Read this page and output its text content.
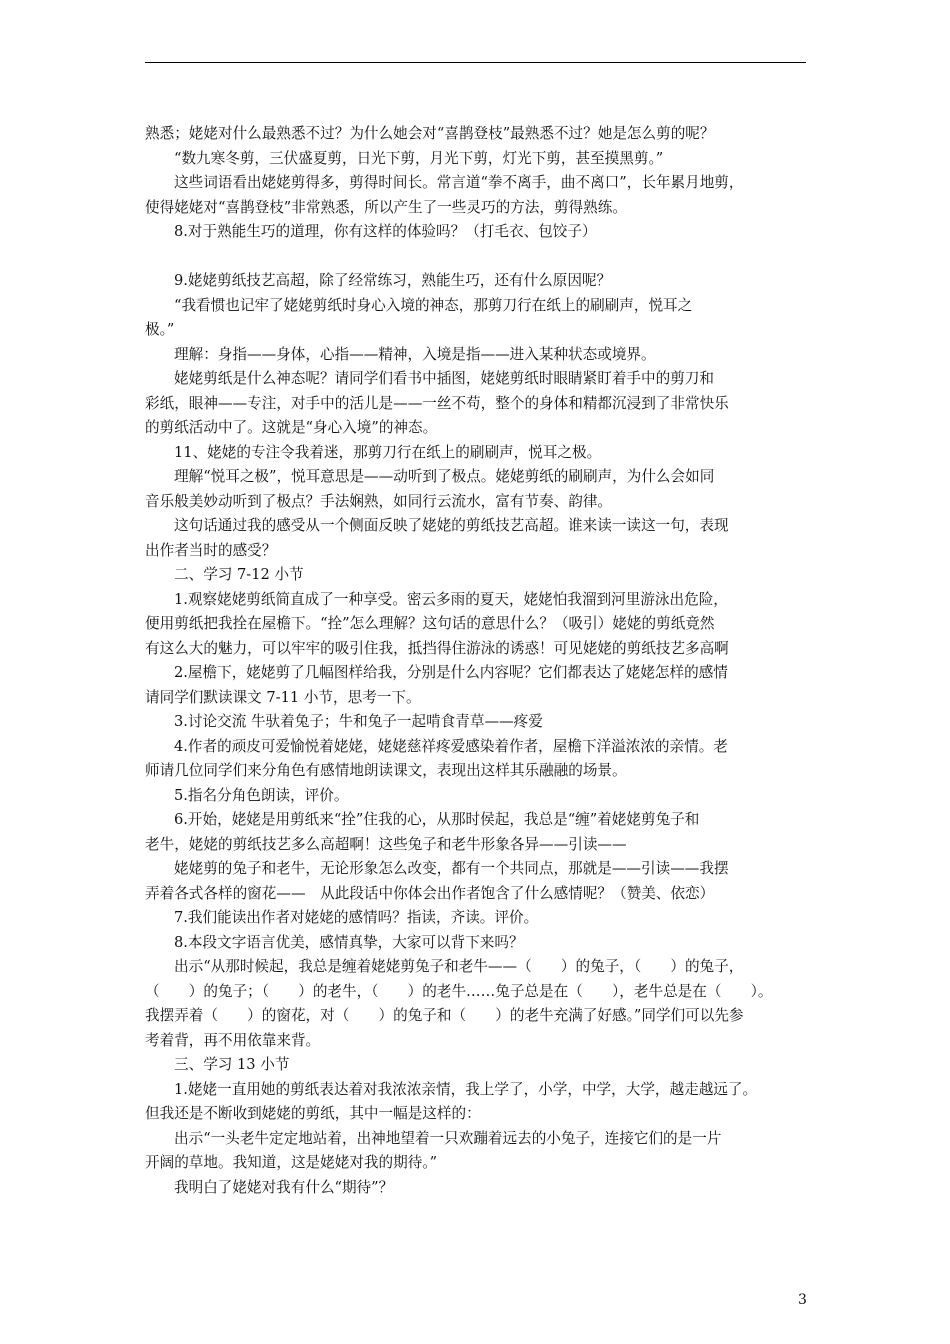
熟悉；姥姥对什么最熟悉不过？为什么她会对“喜鹊登枝”最熟悉不过？她是怎么剪的呢？

“数九寒冬剪，三伏盛夏剪，日光下剪，月光下剪，灯光下剪，甚至摸黑剪。”

这些词语看出姥姥剪得多，剪得时间长。常言道“拳不离手，曲不离口”，长年累月地剪，

使得姥姥对“喜鹊登枝”非常熟悉，所以产生了一些灵巧的方法，剪得熟练。

8.对于熟能生巧的道理，你有这样的体验吗？（打毛衣、包饺子）

9.姥姥剪纸技艺高超，除了经常练习，熟能生巧，还有什么原因呢？

“我看惯也记牢了姥姥剪纸时身心入境的神态，那剪刀行在纸上的刷刷声，悦耳之

极。”

理解：身指——身体，心指——精神，入境是指——进入某种状态或境界。

姥姥剪纸是什么神态呢？请同学们看书中插图，姥姥剪纸时眼睛紧盯着手中的剪刀和

彩纸，眼神——专注，对手中的活儿是——一丝不苟，整个的身体和精都沉浸到了非常快乐

的剪纸活动中了。这就是“身心入境”的神态。

11、姥姥的专注令我着迷，那剪刀行在纸上的刷刷声，悦耳之极。

理解“悦耳之极”，悦耳意思是——动听到了极点。姥姥剪纸的刷刷声，为什么会如同

音乐般美妙动听到了极点？手法娴熟，如同行云流水，富有节奏、韵律。

这句话通过我的感受从一个侧面反映了姥姥的剪纸技艺高超。谁来读一读这一句，表现

出作者当时的感受？

二、学习 7-12 小节

1.观察姥姥剪纸简直成了一种享受。密云多雨的夏天，姥姥怕我溜到河里游泳出危险，

便用剪纸把我拴在屋檐下。“拴”怎么理解？这句话的意思什么？（吸引）姥姥的剪纸竟然

有这么大的魅力，可以牢牢的吸引住我，抵挡得住游泳的诱惑！可见姥姥的剪纸技艺多高啊

2.屋檐下，姥姥剪了几幅图样给我，分别是什么内容呢？它们都表达了姥姥怎样的感情

请同学们默读课文 7-11 小节，思考一下。

3.讨论交流 牛驮着兔子；牛和兔子一起啃食青草——疼爱

4.作者的顽皮可爱愉悦着姥姥，姥姥慈祥疼爱感染着作者，屋檐下洋溢浓浓的亲情。老

师请几位同学们来分角色有感情地朗读课文，表现出这样其乐融融的场景。

5.指名分角色朗读，评价。

6.开始，姥姥是用剪纸来“拴”住我的心，从那时侯起，我总是“缠”着姥姥剪兔子和

老牛，姥姥的剪纸技艺多么高超啊！这些兔子和老牛形象各异——引读——

姥姥剪的兔子和老牛，无论形象怎么改变，都有一个共同点，那就是——引读——我摆

弄着各式各样的窗花——　从此段话中你体会出作者饱含了什么感情呢？（赞美、依恋）

7.我们能读出作者对姥姥的感情吗？指读，齐读。评价。

8.本段文字语言优美，感情真挚，大家可以背下来吗？

出示“从那时候起，我总是缠着姥姥剪兔子和老牛——（　　）的兔子，（　　）的兔子，

（　　）的兔子；（　　）的老牛，（　　）的老牛……兔子总是在（　　），老牛总是在（　　）。

我摆弄着（　　）的窗花，对（　　）的兔子和（　　）的老牛充满了好感。”同学们可以先参

考着背，再不用依靠来背。

三、学习 13 小节

1.姥姥一直用她的剪纸表达着对我浓浓亲情，我上学了，小学，中学，大学，越走越远了。

但我还是不断收到姥姥的剪纸，其中一幅是这样的：

出示“一头老牛定定地站着，出神地望着一只欢蹦着远去的小兔子，连接它们的是一片

开阔的草地。我知道，这是姥姥对我的期待。”

我明白了姥姥对我有什么“期待”？

3
